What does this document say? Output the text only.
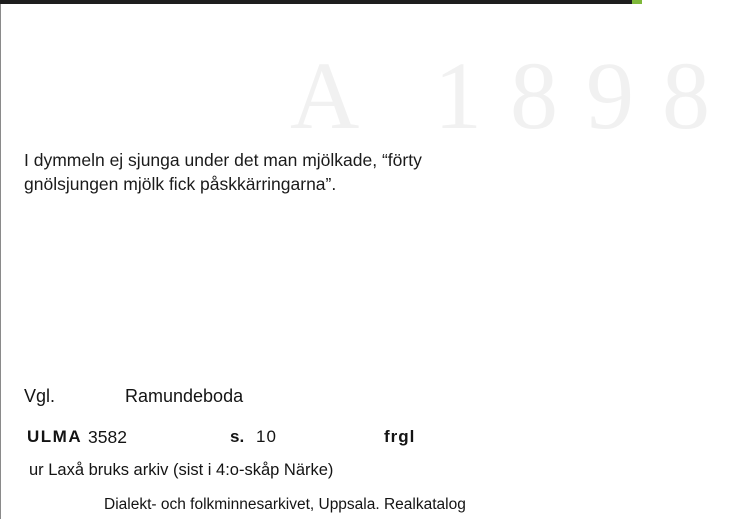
A 1898
I dymmeln ej sjunga under det man mjölkade, “förty
gnölsjungen mjölk fick påskkärringarna”.
Vgl.	Ramundeboda
ULMA 3582	s. 10	frgl
ur Laxå bruks arkiv (sist i 4:o-skåp Närke)
Dialekt- och folkminnesarkivet, Uppsala. Realkatalog
